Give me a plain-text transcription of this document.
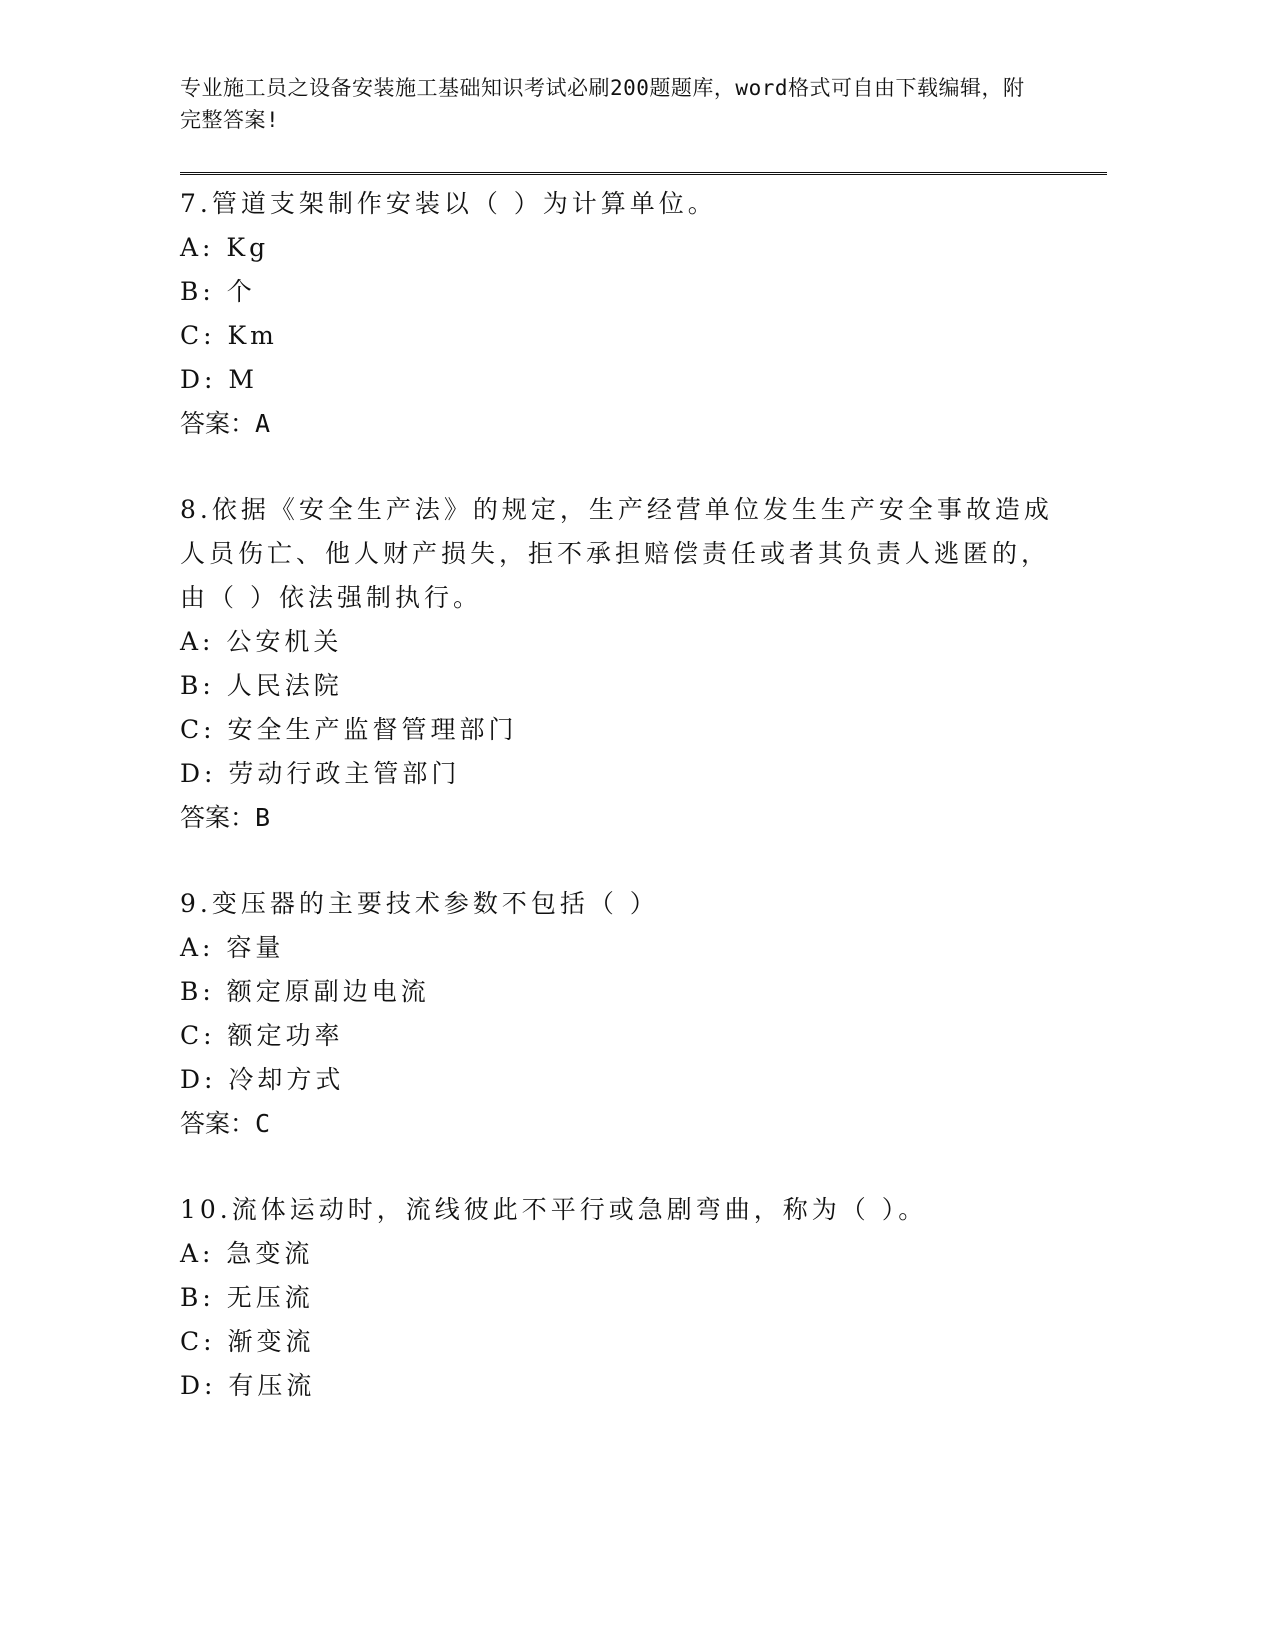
专业施工员之设备安装施工基础知识考试必刷200题题库，word格式可自由下载编辑，附完整答案!
7.管道支架制作安装以（ ）为计算单位。
A: Kg
B: 个
C: Km
D: M
答案：A
8.依据《安全生产法》的规定，生产经营单位发生生产安全事故造成人员伤亡、他人财产损失，拒不承担赔偿责任或者其负责人逃匿的，由（ ）依法强制执行。
A: 公安机关
B: 人民法院
C: 安全生产监督管理部门
D: 劳动行政主管部门
答案：B
9.变压器的主要技术参数不包括（ ）
A: 容量
B: 额定原副边电流
C: 额定功率
D: 冷却方式
答案：C
10.流体运动时，流线彼此不平行或急剧弯曲，称为（ ）。
A: 急变流
B: 无压流
C: 渐变流
D: 有压流
